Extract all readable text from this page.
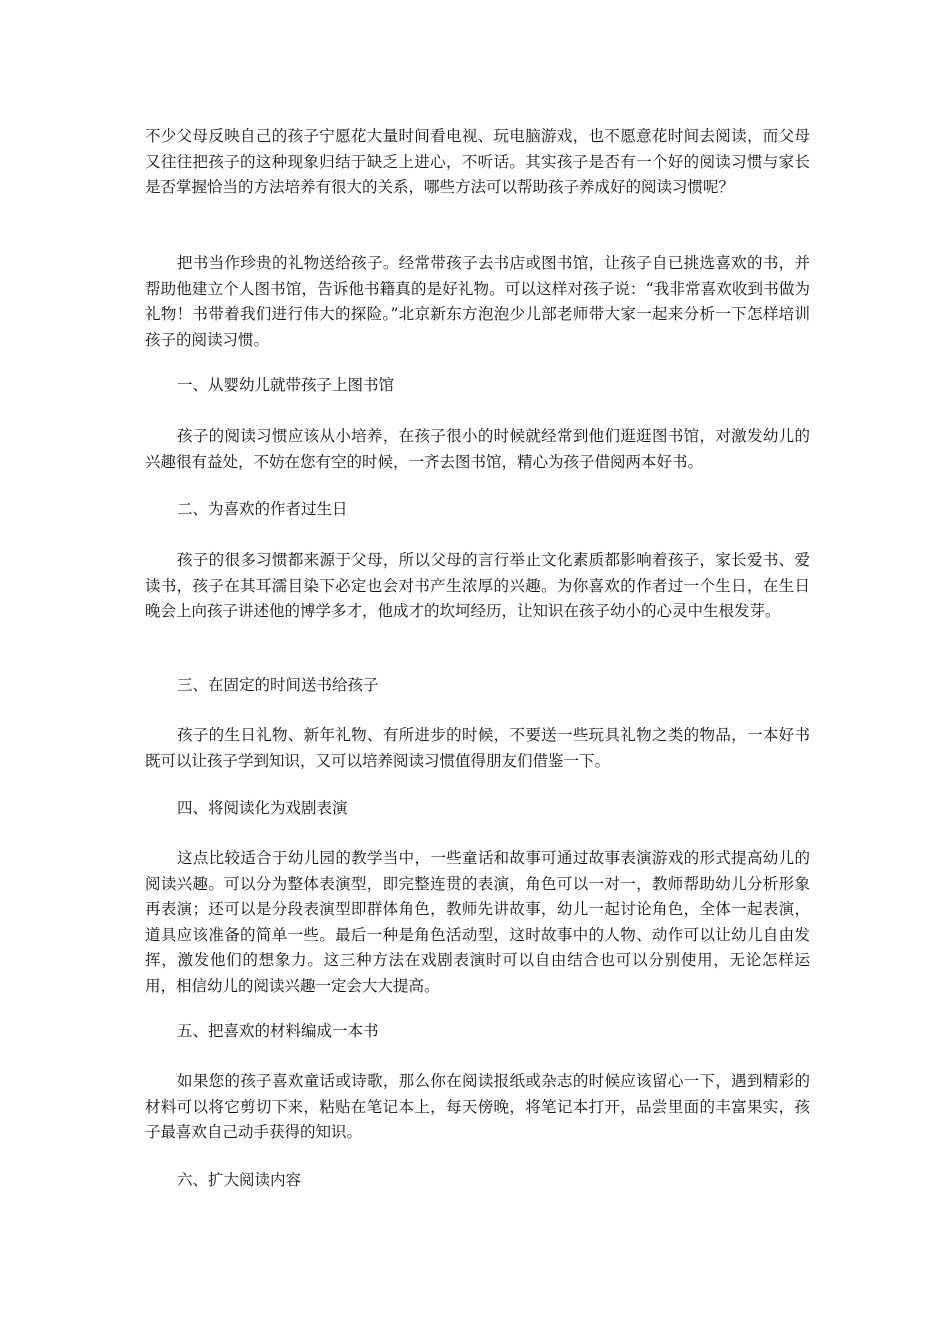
不少父母反映自己的孩子宁愿花大量时间看电视、玩电脑游戏，也不愿意花时间去阅读，而父母又往往把孩子的这种现象归结于缺乏上进心，不听话。其实孩子是否有一个好的阅读习惯与家长是否掌握恰当的方法培养有很大的关系，哪些方法可以帮助孩子养成好的阅读习惯呢？

把书当作珍贵的礼物送给孩子。经常带孩子去书店或图书馆，让孩子自已挑选喜欢的书，并帮助他建立个人图书馆，告诉他书籍真的是好礼物。可以这样对孩子说：“我非常喜欢收到书做为礼物！书带着我们进行伟大的探险。”北京新东方泡泡少儿部老师带大家一起来分析一下怎样培训孩子的阅读习惯。

一、从婴幼儿就带孩子上图书馆

孩子的阅读习惯应该从小培养，在孩子很小的时候就经常到他们逛逛图书馆，对激发幼儿的兴趣很有益处，不妨在您有空的时候，一齐去图书馆，精心为孩子借阅两本好书。

二、为喜欢的作者过生日

孩子的很多习惯都来源于父母，所以父母的言行举止文化素质都影响着孩子，家长爱书、爱读书，孩子在其耳濡目染下必定也会对书产生浓厚的兴趣。为你喜欢的作者过一个生日，在生日晚会上向孩子讲述他的博学多才，他成才的坎坷经历，让知识在孩子幼小的心灵中生根发芽。

三、在固定的时间送书给孩子

孩子的生日礼物、新年礼物、有所进步的时候，不要送一些玩具礼物之类的物品，一本好书既可以让孩子学到知识，又可以培养阅读习惯值得朋友们借鉴一下。

四、将阅读化为戏剧表演

这点比较适合于幼儿园的教学当中，一些童话和故事可通过故事表演游戏的形式提高幼儿的阅读兴趣。可以分为整体表演型，即完整连贯的表演，角色可以一对一，教师帮助幼儿分析形象再表演；还可以是分段表演型即群体角色，教师先讲故事，幼儿一起讨论角色，全体一起表演，道具应该准备的简单一些。最后一种是角色活动型，这时故事中的人物、动作可以让幼儿自由发挥，激发他们的想象力。这三种方法在戏剧表演时可以自由结合也可以分别使用，无论怎样运用，相信幼儿的阅读兴趣一定会大大提高。

五、把喜欢的材料编成一本书

如果您的孩子喜欢童话或诗歌，那么你在阅读报纸或杂志的时候应该留心一下，遇到精彩的材料可以将它剪切下来，粘贴在笔记本上，每天傍晚，将笔记本打开，品尝里面的丰富果实，孩子最喜欢自己动手获得的知识。

六、扩大阅读内容
